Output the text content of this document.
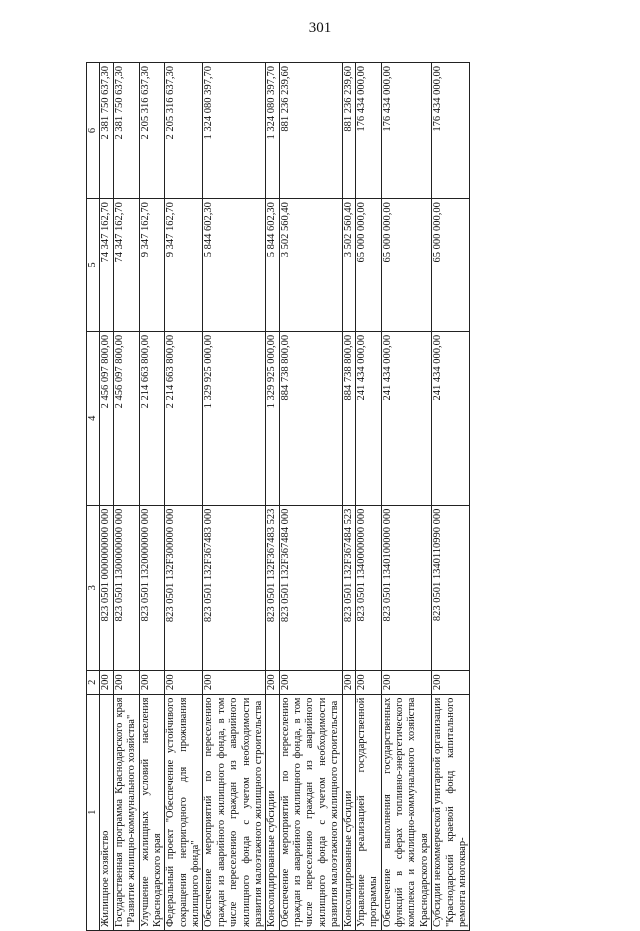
301
1	2	3	4	5	6
Жилищное хозяйство	200	823 0501 0000000000 000	2 456 097 800,00	74 347 162,70	2 381 750 637,30
Государственная программа Краснодарского края "Развитие жилищно-коммунального хозяйства"	200	823 0501 1300000000 000	2 456 097 800,00	74 347 162,70	2 381 750 637,30
Улучшение жилищных условий населения Краснодарского края	200	823 0501 1320000000 000	2 214 663 800,00	9 347 162,70	2 205 316 637,30
Федеральный проект "Обеспечение устойчивого сокращения непригодного для проживания жилищного фонда"	200	823 0501 132F300000 000	2 214 663 800,00	9 347 162,70	2 205 316 637,30
Обеспечение мероприятий по переселению граждан из аварийного жилищного фонда, в том числе переселению граждан из аварийного жилищного фонда с учетом необходимости развития малоэтажного жилищного строительства	200	823 0501 132F367483 000	1 329 925 000,00	5 844 602,30	1 324 080 397,70
Консолидированные субсидии	200	823 0501 132F367483 523	1 329 925 000,00	5 844 602,30	1 324 080 397,70
Обеспечение мероприятий по переселению граждан из аварийного жилищного фонда, в том числе переселению граждан из аварийного жилищного фонда с учетом необходимости развития малоэтажного жилищного строительства	200	823 0501 132F367484 000	884 738 800,00	3 502 560,40	881 236 239,60
Консолидированные субсидии	200	823 0501 132F367484 523	884 738 800,00	3 502 560,40	881 236 239,60
Управление реализацией государственной программы	200	823 0501 1340000000 000	241 434 000,00	65 000 000,00	176 434 000,00
Обеспечение выполнения государственных функций в сферах топливно-энергетического комплекса и жилищно-коммунального хозяйства Краснодарского края	200	823 0501 1340100000 000	241 434 000,00	65 000 000,00	176 434 000,00
Субсидии некоммерческой унитарной организации "Краснодарский краевой фонд капитального ремонта многоквар-	200	823 0501 1340110990 000	241 434 000,00	65 000 000,00	176 434 000,00
